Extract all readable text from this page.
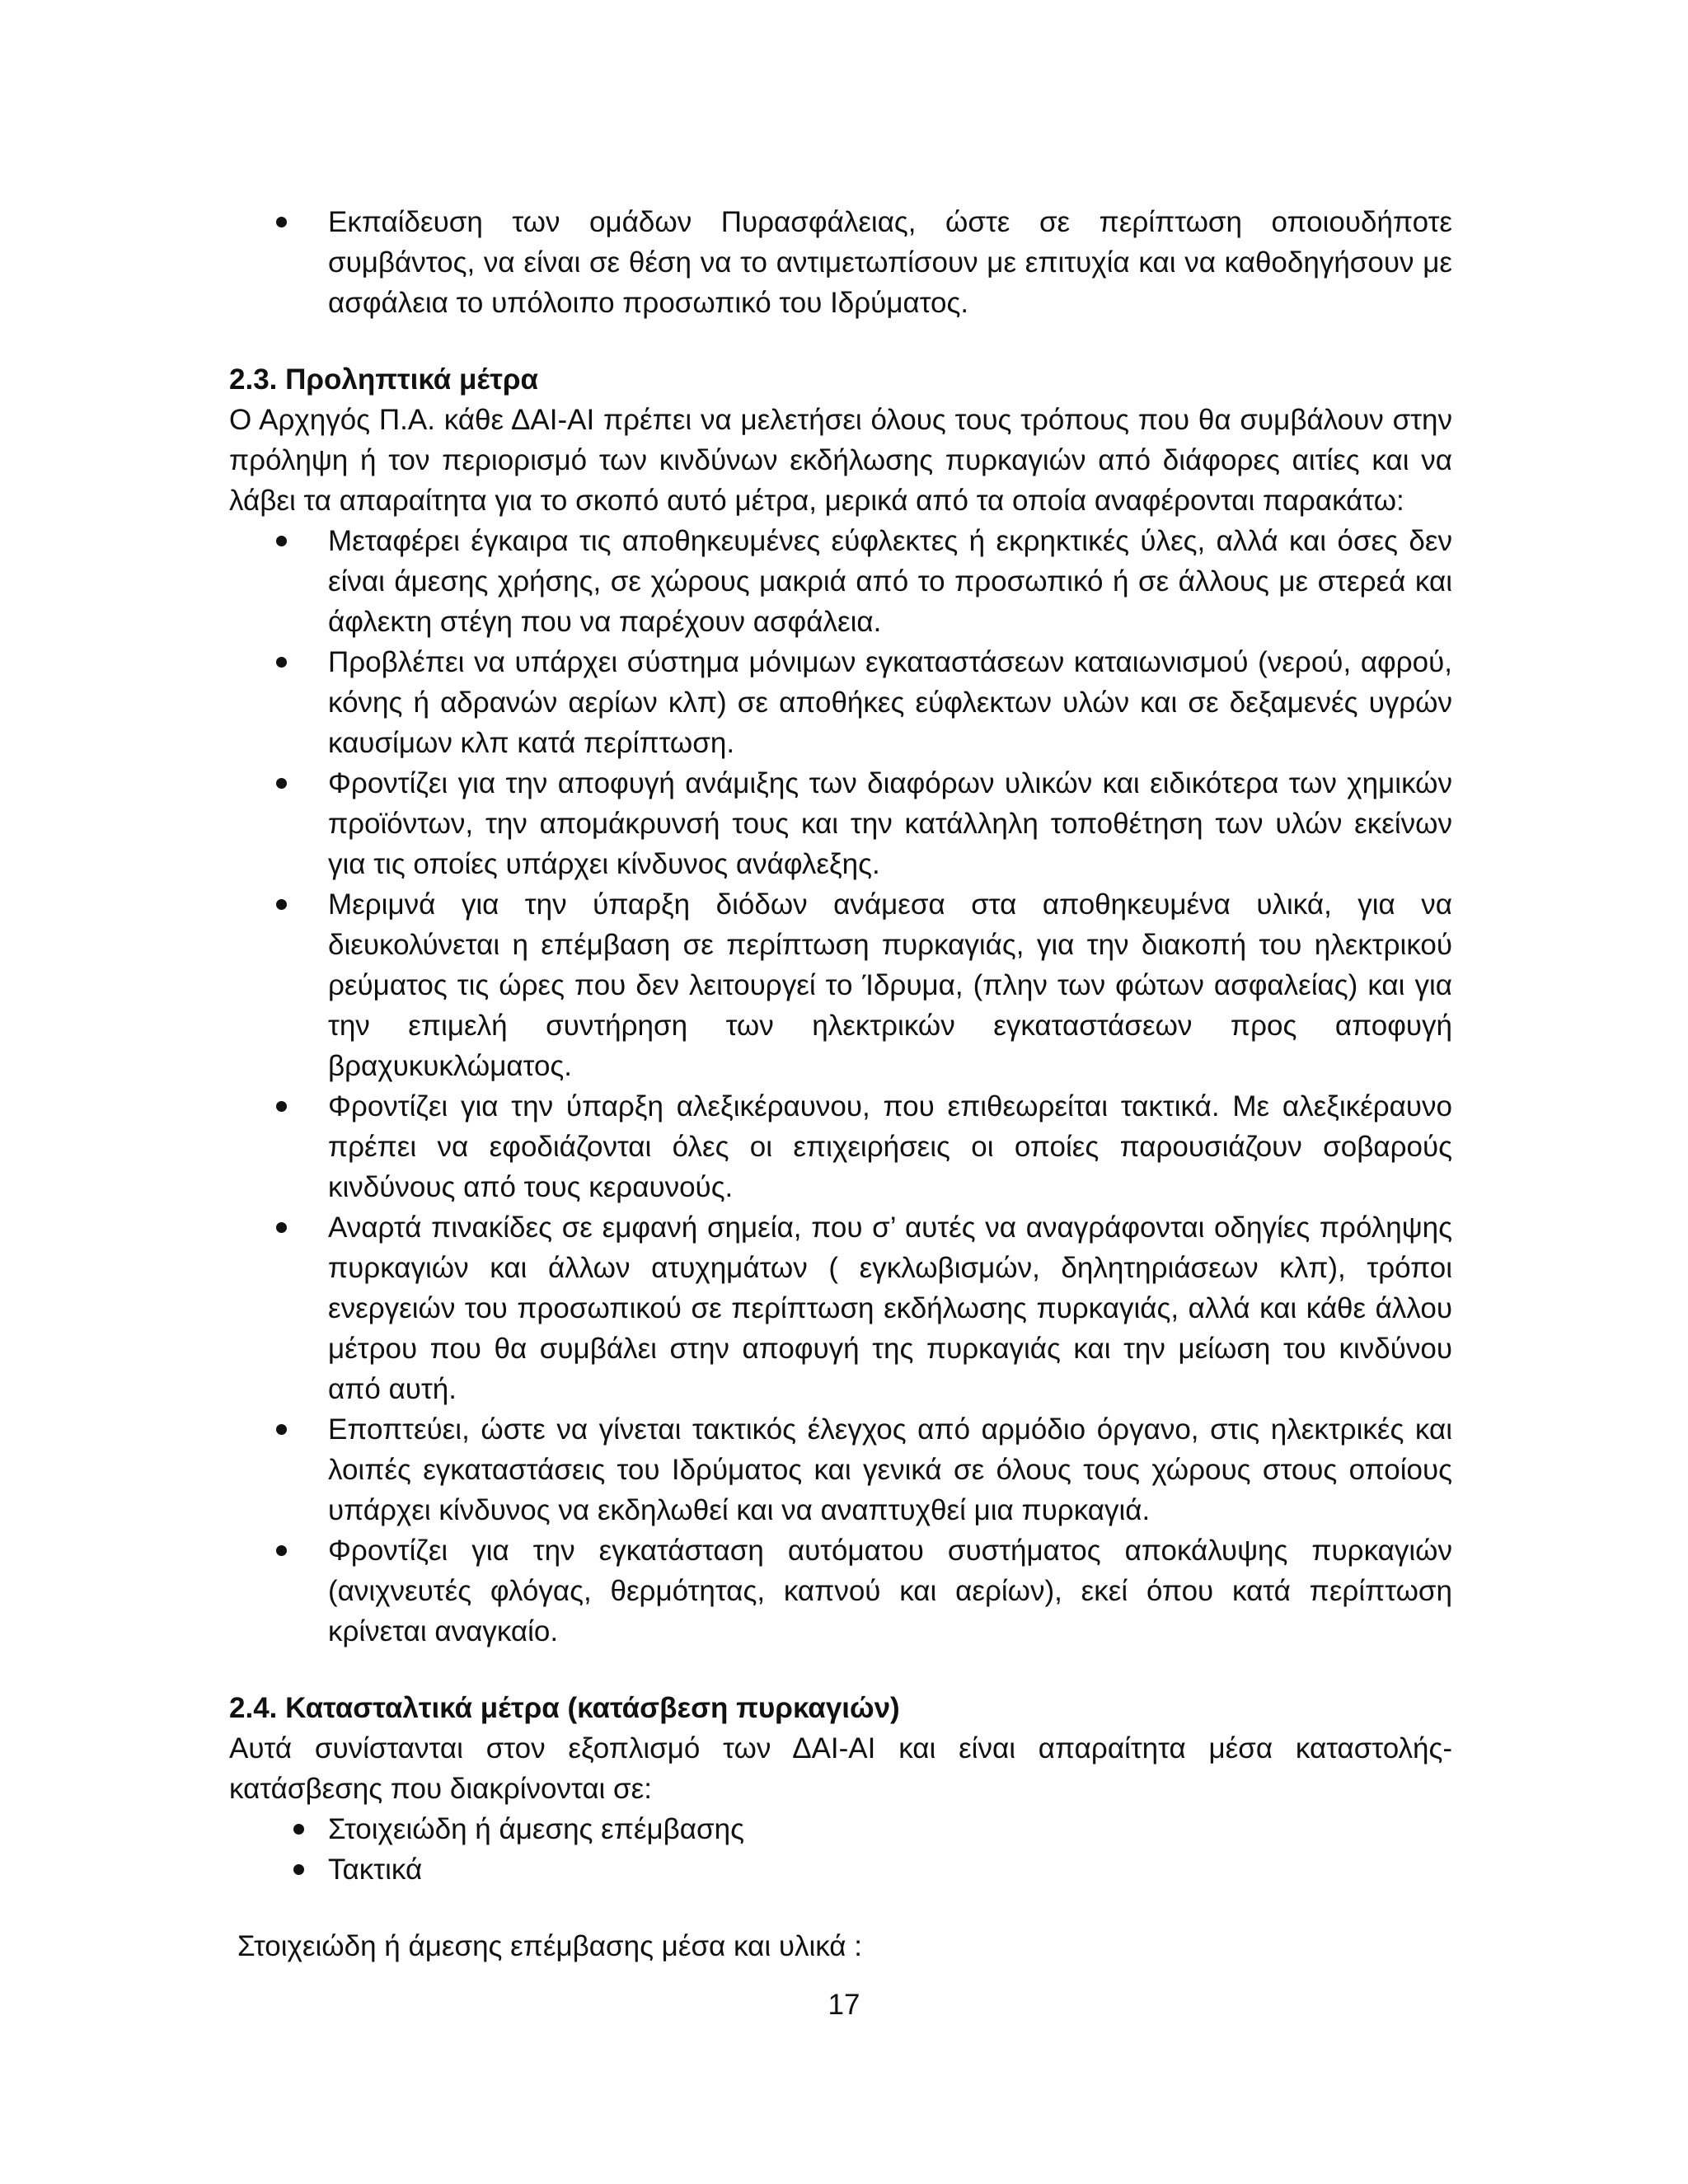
Εκπαίδευση των ομάδων Πυρασφάλειας, ώστε σε περίπτωση οποιουδήποτε συμβάντος, να είναι σε θέση να το αντιμετωπίσουν με επιτυχία και να καθοδηγήσουν με ασφάλεια το υπόλοιπο προσωπικό του Ιδρύματος.
2.3. Προληπτικά μέτρα

Ο Αρχηγός Π.Α. κάθε ΔΑΙ-ΑΙ πρέπει να μελετήσει όλους τους τρόπους που θα συμβάλουν στην πρόληψη ή τον περιορισμό των κινδύνων εκδήλωσης πυρκαγιών από διάφορες αιτίες και να λάβει τα απαραίτητα για το σκοπό αυτό μέτρα, μερικά από τα οποία αναφέρονται παρακάτω:

Μεταφέρει έγκαιρα τις αποθηκευμένες εύφλεκτες ή εκρηκτικές ύλες, αλλά και όσες δεν είναι άμεσης χρήσης, σε χώρους μακριά από το προσωπικό ή σε άλλους με στερεά και άφλεκτη στέγη που να παρέχουν ασφάλεια.
Προβλέπει να υπάρχει σύστημα μόνιμων εγκαταστάσεων καταιωνισμού (νερού, αφρού, κόνης ή αδρανών αερίων κλπ) σε αποθήκες εύφλεκτων υλών και σε δεξαμενές υγρών καυσίμων κλπ κατά περίπτωση.
Φροντίζει για την αποφυγή ανάμιξης των διαφόρων υλικών και ειδικότερα των χημικών προϊόντων, την απομάκρυνσή τους και την κατάλληλη τοποθέτηση των υλών εκείνων για τις οποίες υπάρχει κίνδυνος ανάφλεξης.
Μεριμνά για την ύπαρξη διόδων ανάμεσα στα αποθηκευμένα υλικά, για να διευκολύνεται η επέμβαση σε περίπτωση πυρκαγιάς, για την διακοπή του ηλεκτρικού ρεύματος τις ώρες που δεν λειτουργεί το Ίδρυμα, (πλην των φώτων ασφαλείας) και για την επιμελή συντήρηση των ηλεκτρικών εγκαταστάσεων προς αποφυγή βραχυκυκλώματος.
Φροντίζει για την ύπαρξη αλεξικέραυνου, που επιθεωρείται τακτικά. Με αλεξικέραυνο πρέπει να εφοδιάζονται όλες οι επιχειρήσεις οι οποίες παρουσιάζουν σοβαρούς κινδύνους από τους κεραυνούς.
Αναρτά πινακίδες σε εμφανή σημεία, που σ’ αυτές να αναγράφονται οδηγίες πρόληψης πυρκαγιών και άλλων ατυχημάτων ( εγκλωβισμών, δηλητηριάσεων κλπ), τρόποι ενεργειών του προσωπικού σε περίπτωση εκδήλωσης πυρκαγιάς, αλλά και κάθε άλλου μέτρου που θα συμβάλει στην αποφυγή της πυρκαγιάς και την μείωση του κινδύνου από αυτή.
Εποπτεύει, ώστε να γίνεται τακτικός έλεγχος από αρμόδιο όργανο, στις ηλεκτρικές και λοιπές εγκαταστάσεις του Ιδρύματος και γενικά σε όλους τους χώρους στους οποίους υπάρχει κίνδυνος να εκδηλωθεί και να αναπτυχθεί μια πυρκαγιά.
Φροντίζει για την εγκατάσταση αυτόματου συστήματος αποκάλυψης πυρκαγιών (ανιχνευτές φλόγας, θερμότητας, καπνού και αερίων), εκεί όπου κατά περίπτωση κρίνεται αναγκαίο.
2.4. Κατασταλτικά μέτρα (κατάσβεση πυρκαγιών)

Αυτά συνίστανται στον εξοπλισμό των ΔΑΙ-ΑΙ και είναι απαραίτητα μέσα καταστολής-κατάσβεσης που διακρίνονται σε:

Στοιχειώδη ή άμεσης επέμβασης
Τακτικά

Στοιχειώδη ή άμεσης επέμβασης μέσα και υλικά :

17
